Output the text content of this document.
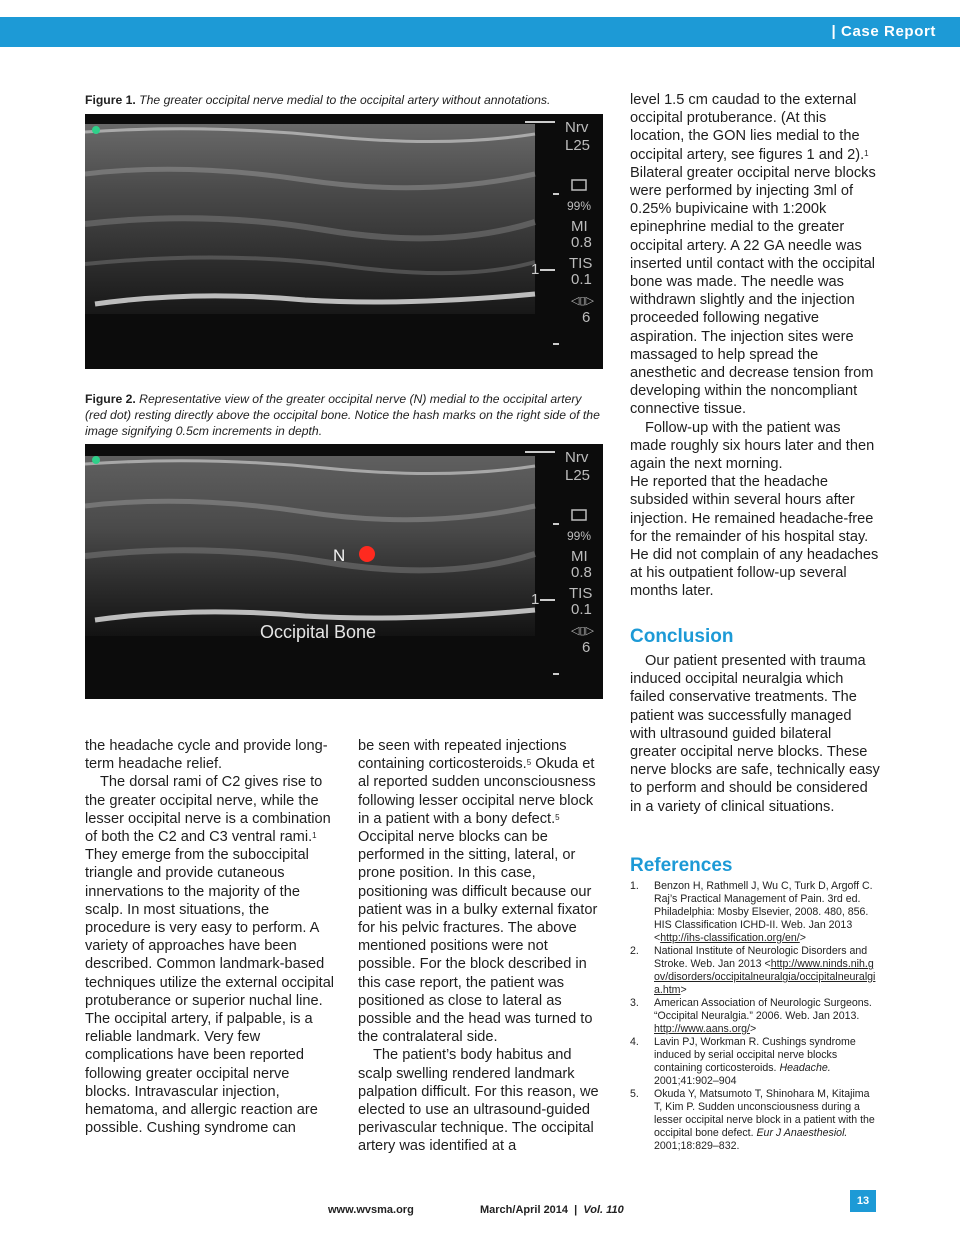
| Case Report
Figure 1. The greater occipital nerve medial to the occipital artery without annotations.
1
Nrv
L25
99%
MI
0.8
TIS
0.1
◁▯▷
6
Figure 2. Representative view of the greater occipital nerve (N) medial to the occipital artery (red dot) resting directly above the occipital bone. Notice the hash marks on the right side of the image signifying 0.5cm increments in depth.
N
Occipital Bone
1
Nrv
L25
99%
MI
0.8
TIS
0.1
◁▯▷
6

the headache cycle and provide long-term headache relief.

The dorsal rami of C2 gives rise to the greater occipital nerve, while the lesser occipital nerve is a combination of both the C2 and C3 ventral rami.$^1$ They emerge from the suboccipital triangle and provide cutaneous innervations to the majority of the scalp. In most situations, the procedure is very easy to perform. A variety of approaches have been described. Common landmark-based techniques utilize the external occipital protuberance or superior nuchal line. The occipital artery, if palpable, is a reliable landmark. Very few complications have been reported following greater occipital nerve blocks. Intravascular injection, hematoma, and allergic reaction are possible. Cushing syndrome can

be seen with repeated injections containing corticosteroids.$^5$ Okuda et al reported sudden unconsciousness following lesser occipital nerve block in a patient with a bony defect.$^5$ Occipital nerve blocks can be performed in the sitting, lateral, or prone position. In this case, positioning was difficult because our patient was in a bulky external fixator for his pelvic fractures. The above mentioned positions were not possible. For the block described in this case report, the patient was positioned as close to lateral as possible and the head was turned to the contralateral side.

The patient’s body habitus and scalp swelling rendered landmark palpation difficult. For this reason, we elected to use an ultrasound-guided perivascular technique. The occipital artery was identified at a

level 1.5 cm caudad to the external occipital protuberance. (At this location, the GON lies medial to the occipital artery, see figures 1 and 2).$^1$ Bilateral greater occipital nerve blocks were performed by injecting 3ml of 0.25% bupivicaine with 1:200k epinephrine medial to the greater occipital artery. A 22 GA needle was inserted until contact with the occipital bone was made. The needle was withdrawn slightly and the injection proceeded following negative aspiration. The injection sites were massaged to help spread the anesthetic and decrease tension from developing within the noncompliant connective tissue.

Follow-up with the patient was made roughly six hours later and then again the next morning.

He reported that the headache subsided within several hours after injection. He remained headache-free for the remainder of his hospital stay. He did not complain of any headaches at his outpatient follow-up several months later.

Conclusion

Our patient presented with trauma induced occipital neuralgia which failed conservative treatments. The patient was successfully managed with ultrasound guided bilateral greater occipital nerve blocks. These nerve blocks are safe, technically easy to perform and should be considered in a variety of clinical situations.

References
1. Benzon H, Rathmell J, Wu C, Turk D, Argoff C. Raj’s Practical Management of Pain. 3rd ed. Philadelphia: Mosby Elsevier, 2008. 480, 856. HIS Classification ICHD-II. Web. Jan 2013 <http://ihs-classification.org/en/>
2. National Institute of Neurologic Disorders and Stroke. Web. Jan 2013 <http://www.ninds.nih.gov/disorders/occipitalneuralgia/occipitalneuralgia.htm>
3. American Association of Neurologic Surgeons. “Occipital Neuralgia.” 2006. Web. Jan 2013. http://www.aans.org/>
4. Lavin PJ, Workman R. Cushings syndrome induced by serial occipital nerve blocks containing corticosteroids. Headache. 2001;41:902–904
5. Okuda Y, Matsumoto T, Shinohara M, Kitajima T, Kim P. Sudden unconsciousness during a lesser occipital nerve block in a patient with the occipital bone defect. Eur J Anaesthesiol. 2001;18:829–832.
www.wvsma.org	March/April 2014  |  Vol. 110
13
